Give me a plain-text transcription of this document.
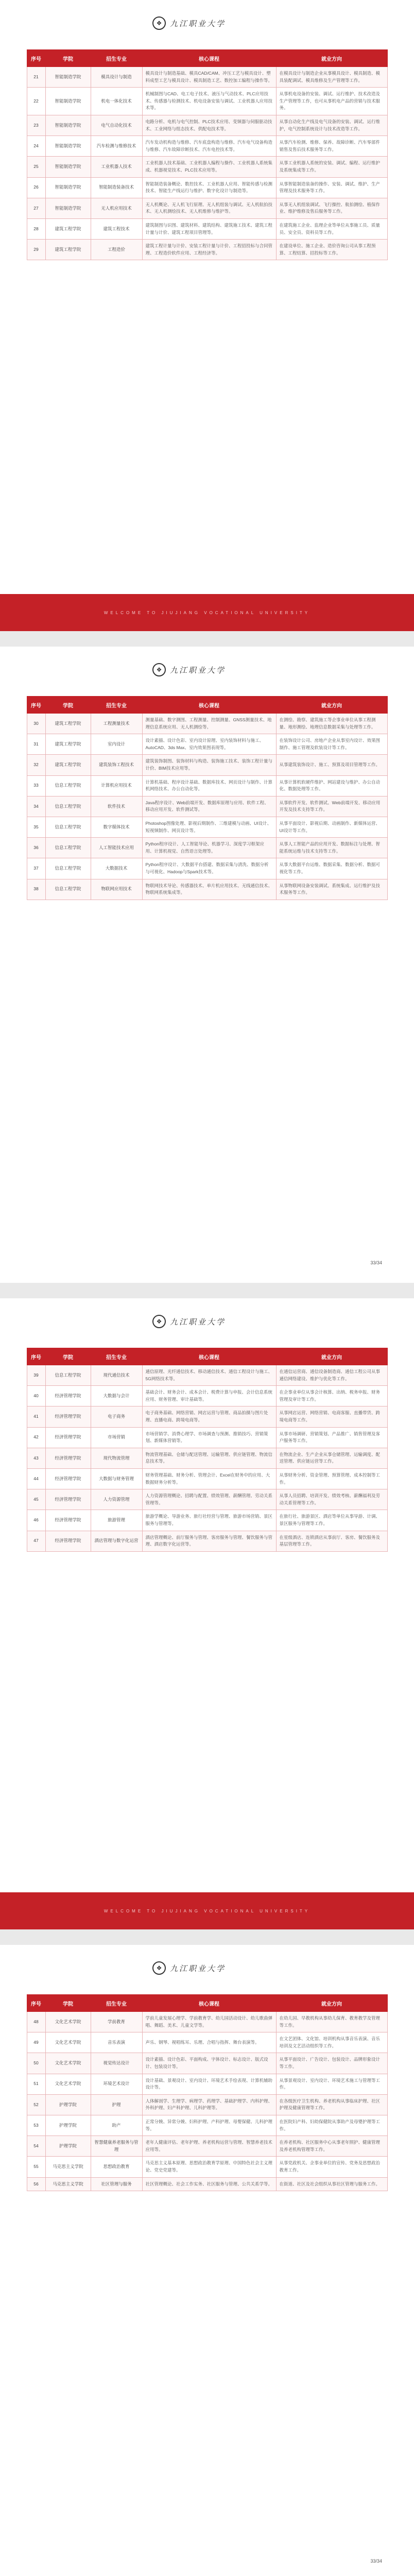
❖	九江职业大学
序号	学院	招生专业	核心课程	就业方向
21	智能制造学院	模具设计与制造	模具设计与制造基础、模具CAD/CAM、冲压工艺与模具设计、塑料成型工艺与模具设计、模具制造工艺、数控加工编程与操作等。	在模具设计与制造企业从事模具设计、模具制造、模具装配调试、模具维修及生产管理等工作。
22	智能制造学院	机电一体化技术	机械制图与CAD、电工电子技术、液压与气动技术、PLC应用技术、传感器与检测技术、机电设备安装与调试、工业机器人应用技术等。	从事机电设备的安装、调试、运行维护、技术改造及生产管理等工作，也可从事机电产品的营销与技术服务。
23	智能制造学院	电气自动化技术	电路分析、电机与电气控制、PLC技术应用、变频器与伺服驱动技术、工业网络与组态技术、供配电技术等。	从事自动化生产线及电气设备的安装、调试、运行维护，电气控制系统设计与技术改造等工作。
24	智能制造学院	汽车检测与维修技术	汽车发动机构造与维修、汽车底盘构造与维修、汽车电气设备构造与维修、汽车故障诊断技术、汽车电控技术等。	从事汽车检测、维修、保养、故障诊断、汽车零部件销售及售后技术服务等工作。
25	智能制造学院	工业机器人技术	工业机器人技术基础、工业机器人编程与操作、工业机器人系统集成、机器视觉技术、PLC技术应用等。	从事工业机器人系统的安装、调试、编程、运行维护及系统集成等工作。
26	智能制造学院	智能制造装备技术	智能制造装备概论、数控技术、工业机器人应用、智能传感与检测技术、智能生产线运行与维护、数字化设计与制造等。	从事智能制造装备的操作、安装、调试、维护、生产管理及技术服务等工作。
27	智能制造学院	无人机应用技术	无人机概论、无人机飞行原理、无人机组装与调试、无人机航拍技术、无人机测绘技术、无人机维修与维护等。	从事无人机组装调试、飞行操控、航拍测绘、植保作业、维护维修及售后服务等工作。
28	建筑工程学院	建筑工程技术	建筑制图与识图、建筑材料、建筑结构、建筑施工技术、建筑工程计量与计价、建筑工程项目管理等。	在建筑施工企业、监理企业等单位从事施工员、质量员、安全员、资料员等工作。
29	建筑工程学院	工程造价	建筑工程计量与计价、安装工程计量与计价、工程招投标与合同管理、工程造价软件应用、工程经济等。	在建设单位、施工企业、造价咨询公司从事工程预算、工程结算、招投标等工作。
WELCOME TO JIUJIANG VOCATIONAL UNIVERSITY
❖	九江职业大学
序号	学院	招生专业	核心课程	就业方向
30	建筑工程学院	工程测量技术	测量基础、数字测图、工程测量、控制测量、GNSS测量技术、地理信息系统应用、无人机测绘等。	在测绘、勘察、建筑施工等企事业单位从事工程测量、地形测绘、地理信息数据采集与处理等工作。
31	建筑工程学院	室内设计	设计素描、设计色彩、室内设计原理、室内装饰材料与施工、AutoCAD、3ds Max、室内效果图表现等。	在装饰设计公司、房地产企业从事室内设计、效果图制作、施工管理及软装设计等工作。
32	建筑工程学院	建筑装饰工程技术	建筑装饰制图、装饰材料与构造、装饰施工技术、装饰工程计量与计价、BIM技术应用等。	从事建筑装饰设计、施工、预算及项目管理等工作。
33	信息工程学院	计算机应用技术	计算机基础、程序设计基础、数据库技术、网页设计与制作、计算机网络技术、办公自动化等。	从事计算机软硬件维护、网站建设与维护、办公自动化、数据处理等工作。
34	信息工程学院	软件技术	Java程序设计、Web前端开发、数据库原理与应用、软件工程、移动应用开发、软件测试等。	从事软件开发、软件测试、Web前端开发、移动应用开发及技术支持等工作。
35	信息工程学院	数字媒体技术	Photoshop图像处理、影视后期制作、三维建模与动画、UI设计、短视频制作、网页设计等。	从事平面设计、影视后期、动画制作、新媒体运营、UI设计等工作。
36	信息工程学院	人工智能技术应用	Python程序设计、人工智能导论、机器学习、深度学习框架应用、计算机视觉、自然语言处理等。	从事人工智能产品的应用开发、数据标注与处理、智能系统运维与技术支持等工作。
37	信息工程学院	大数据技术	Python程序设计、大数据平台搭建、数据采集与清洗、数据分析与可视化、Hadoop与Spark技术等。	从事大数据平台运维、数据采集、数据分析、数据可视化等工作。
38	信息工程学院	物联网应用技术	物联网技术导论、传感器技术、单片机应用技术、无线通信技术、物联网系统集成等。	从事物联网设备安装调试、系统集成、运行维护及技术服务等工作。
33/34
❖	九江职业大学
序号	学院	招生专业	核心课程	就业方向
39	信息工程学院	现代通信技术	通信原理、光纤通信技术、移动通信技术、通信工程设计与施工、5G网络技术等。	在通信运营商、通信设备制造商、通信工程公司从事通信网络建设、维护与优化等工作。
40	经济管理学院	大数据与会计	基础会计、财务会计、成本会计、税费计算与申报、会计信息系统应用、财务管理、审计基础等。	在企事业单位从事会计核算、出纳、税务申报、财务管理及审计等工作。
41	经济管理学院	电子商务	电子商务基础、网络营销、网店运营与管理、商品拍摄与图片处理、直播电商、跨境电商等。	从事网店运营、网络营销、电商客服、直播带货、跨境电商等工作。
42	经济管理学院	市场营销	市场营销学、消费心理学、市场调查与预测、推销技巧、营销策划、新媒体营销等。	从事市场调研、营销策划、产品推广、销售管理及客户服务等工作。
43	经济管理学院	现代物流管理	物流管理基础、仓储与配送管理、运输管理、供应链管理、物流信息技术等。	在物流企业、生产企业从事仓储管理、运输调度、配送管理、供应链运营等工作。
44	经济管理学院	大数据与财务管理	财务管理基础、财务分析、管理会计、Excel在财务中的应用、大数据财务分析等。	从事财务分析、资金管理、预算管理、成本控制等工作。
45	经济管理学院	人力资源管理	人力资源管理概论、招聘与配置、绩效管理、薪酬管理、劳动关系管理等。	从事人员招聘、培训开发、绩效考核、薪酬福利及劳动关系管理等工作。
46	经济管理学院	旅游管理	旅游学概论、导游业务、旅行社经营与管理、旅游市场营销、景区服务与管理等。	在旅行社、旅游景区、酒店等单位从事导游、计调、景区服务与管理等工作。
47	经济管理学院	酒店管理与数字化运营	酒店管理概论、前厅服务与管理、客房服务与管理、餐饮服务与管理、酒店数字化运营等。	在星级酒店、连锁酒店从事前厅、客房、餐饮服务及基层管理等工作。
WELCOME TO JIUJIANG VOCATIONAL UNIVERSITY
❖	九江职业大学
序号	学院	招生专业	核心课程	就业方向
48	文化艺术学院	学前教育	学前儿童发展心理学、学前教育学、幼儿园活动设计、幼儿歌曲弹唱、舞蹈、美术、儿童文学等。	在幼儿园、早教机构从事幼儿保育、教育教学及管理等工作。
49	文化艺术学院	音乐表演	声乐、钢琴、视唱练耳、乐理、合唱与指挥、舞台表演等。	在文艺团体、文化馆、培训机构从事音乐表演、音乐培训及文艺活动组织等工作。
50	文化艺术学院	视觉传达设计	设计素描、设计色彩、平面构成、字体设计、标志设计、版式设计、包装设计等。	从事平面设计、广告设计、包装设计、品牌形象设计等工作。
51	文化艺术学院	环境艺术设计	设计基础、景观设计、室内设计、环境艺术手绘表现、计算机辅助设计等。	从事景观设计、室内设计、环境艺术施工与管理等工作。
52	护理学院	护理	人体解剖学、生理学、病理学、药理学、基础护理学、内科护理、外科护理、妇产科护理、儿科护理等。	在各级医疗卫生机构、养老机构从事临床护理、社区护理及健康管理等工作。
53	护理学院	助产	正常分娩、异常分娩、妇科护理、产科护理、母婴保健、儿科护理等。	在医院妇产科、妇幼保健院从事助产及母婴护理等工作。
54	护理学院	智慧健康养老服务与管理	老年人健康评估、老年护理、养老机构运营与管理、智慧养老技术应用等。	在养老机构、社区服务中心从事老年照护、健康管理及养老机构管理等工作。
55	马克思主义学院	思想政治教育	马克思主义基本原理、思想政治教育学原理、中国特色社会主义理论、党史党建等。	从事党政机关、企事业单位的宣传、党务及思想政治教育工作。
56	马克思主义学院	社区管理与服务	社区管理概论、社会工作实务、社区服务与管理、公共关系学等。	在街道、社区及社会组织从事社区管理与服务工作。
33/34
